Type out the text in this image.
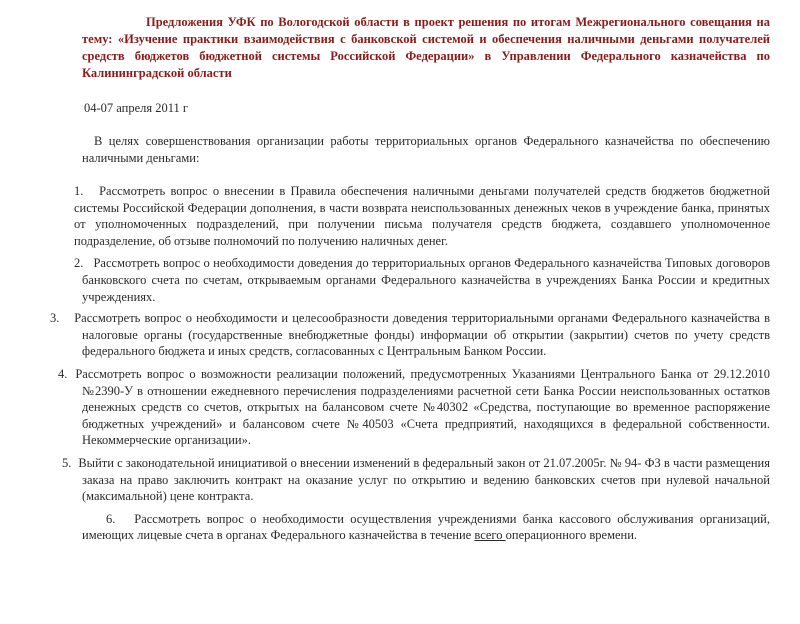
Предложения УФК по Вологодской области в проект решения по итогам Межрегионального совещания на тему: «Изучение практики взаимодействия с банковской системой и обеспечения наличными деньгами получателей средств бюджетов бюджетной системы Российской Федерации» в Управлении Федерального казначейства по Калининградской области

04-07 апреля 2011 г

В целях совершенствования организации работы территориальных органов Федерального казначейства по обеспечению наличными деньгами:

1. Рассмотреть вопрос о внесении в Правила обеспечения наличными деньгами получателей средств бюджетов бюджетной системы Российской Федерации дополнения, в части возврата неиспользованных денежных чеков в учреждение банка, принятых от уполномоченных подразделений, при получении письма получателя средств бюджета, создавшего уполномоченное подразделение, об отзыве полномочий по получению наличных денег.

2. Рассмотреть вопрос о необходимости доведения до территориальных органов Федерального казначейства Типовых договоров банковского счета по счетам, открываемым органами Федерального казначейства в учреждениях Банка России и кредитных учреждениях.

3. Рассмотреть вопрос о необходимости и целесообразности доведения территориальными органами Федерального казначейства в налоговые органы (государственные внебюджетные фонды) информации об открытии (закрытии) счетов по учету средств федерального бюджета и иных средств, согласованных с Центральным Банком России.

4. Рассмотреть вопрос о возможности реализации положений, предусмотренных Указаниями Центрального Банка от 29.12.2010 №2390-У в отношении ежедневного перечисления подразделениями расчетной сети Банка России неиспользованных остатков денежных средств со счетов, открытых на балансовом счете №40302 «Средства, поступающие во временное распоряжение бюджетных учреждений» и балансовом счете №40503 «Счета предприятий, находящихся в федеральной собственности. Некоммерческие организации».

5. Выйти с законодательной инициативой о внесении изменений в федеральный закон от 21.07.2005г. № 94- ФЗ в части размещения заказа на право заключить контракт на оказание услуг по открытию и ведению банковских счетов при нулевой начальной (максимальной) цене контракта.

6. Рассмотреть вопрос о необходимости осуществления учреждениями банка кассового обслуживания организаций, имеющих лицевые счета в органах Федерального казначейства в течение всего операционного времени.
